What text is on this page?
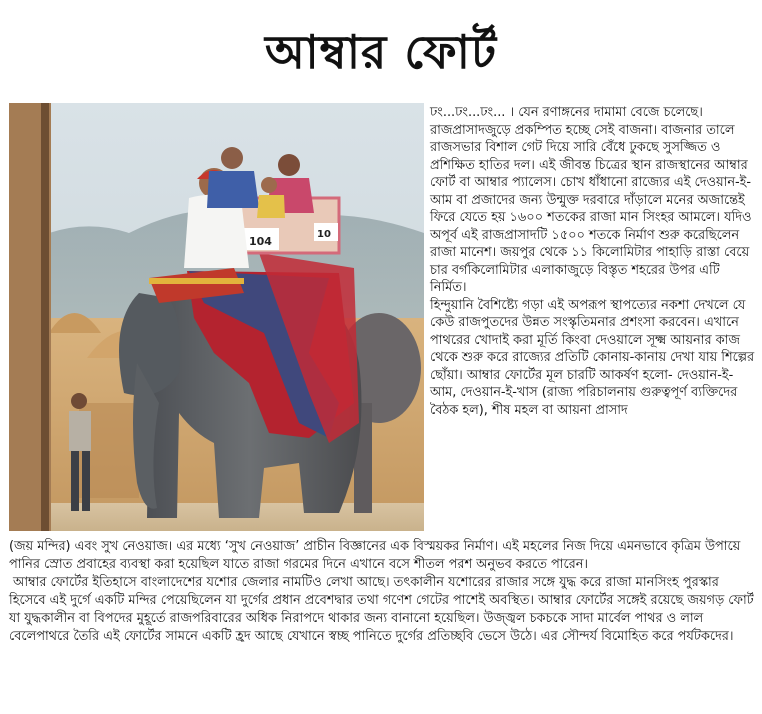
আম্বার ফোর্ট
104
10

ঢং...ঢং...ঢং... । যেন রণাঙ্গনের দামামা বেজে চলেছে। রাজপ্রাসাদজুড়ে প্রকম্পিত হচ্ছে সেই বাজনা। বাজনার তালে রাজসভার বিশাল গেট দিয়ে সারি বেঁধে ঢুকছে সুসজ্জিত ও প্রশিক্ষিত হাতির দল। এই জীবন্ত চিত্রের স্থান রাজস্থানের আম্বার ফোর্ট বা আম্বার প্যালেস। চোখ ধাঁধানো রাজ্যের এই দেওয়ান-ই-আম বা প্রজাদের জন্য উন্মুক্ত দরবারে দাঁড়ালে মনের অজান্তেই ফিরে যেতে হয় ১৬০০ শতকের রাজা মান সিংহর আমলে। যদিও অপূর্ব এই রাজপ্রাসাদটি ১৫০০ শতকে নির্মাণ শুরু করেছিলেন রাজা মানেশ। জয়পুর থেকে ১১ কিলোমিটার পাহাড়ি রাস্তা বেয়ে চার বর্গকিলোমিটার এলাকাজুড়ে বিস্তৃত শহরের উপর এটি নির্মিত।

হিন্দুয়ানি বৈশিষ্ট্যে গড়া এই অপরূপ স্থাপত্যের নকশা দেখলে যে কেউ রাজপুতদের উন্নত সংস্কৃতিমনার প্রশংসা করবেন। এখানে পাথরের খোদাই করা মূর্তি কিংবা দেওয়ালে সূক্ষ্ম আয়নার কাজ থেকে শুরু করে রাজ্যের প্রতিটি কোনায়-কানায় দেখা যায় শিল্পের ছোঁয়া। আম্বার ফোর্টের মূল চারটি আকর্ষণ হলো- দেওয়ান-ই-আম, দেওয়ান-ই-খাস (রাজ্য পরিচালনায় গুরুত্বপূর্ণ ব্যক্তিদের বৈঠক হল), শীষ মহল বা আয়না প্রাসাদ

(জয় মন্দির) এবং সুখ নেওয়াজ। এর মধ্যে ‘সুখ নেওয়াজ’ প্রাচীন বিজ্ঞানের এক বিস্ময়কর নির্মাণ। এই মহলের নিজ দিয়ে এমনভাবে কৃত্রিম উপায়ে পানির স্রোত প্রবাহের ব্যবস্থা করা হয়েছিল যাতে রাজা গরমের দিনে এখানে বসে শীতল পরশ অনুভব করতে পারেন।

আম্বার ফোর্টের ইতিহাসে বাংলাদেশের যশোর জেলার নামটিও লেখা আছে। তৎকালীন যশোরের রাজার সঙ্গে যুদ্ধ করে রাজা মানসিংহ পুরস্কার হিসেবে এই দুর্গে একটি মন্দির পেয়েছিলেন যা দুর্গের প্রধান প্রবেশদ্বার তথা গণেশ গেটের পাশেই অবস্থিত। আম্বার ফোর্টের সঙ্গেই রয়েছে জয়গড় ফোর্ট যা যুদ্ধকালীন বা বিপদের মুহূর্তে রাজপরিবারের অধিক নিরাপদে থাকার জন্য বানানো হয়েছিল। উজ্জ্বল চকচকে সাদা মার্বেল পাথর ও লাল বেলেপাথরে তৈরি এই ফোর্টের সামনে একটি হ্রদ আছে যেখানে স্বচ্ছ পানিতে দুর্গের প্রতিচ্ছবি ভেসে উঠে। এর সৌন্দর্য বিমোহিত করে পর্যটকদের।
